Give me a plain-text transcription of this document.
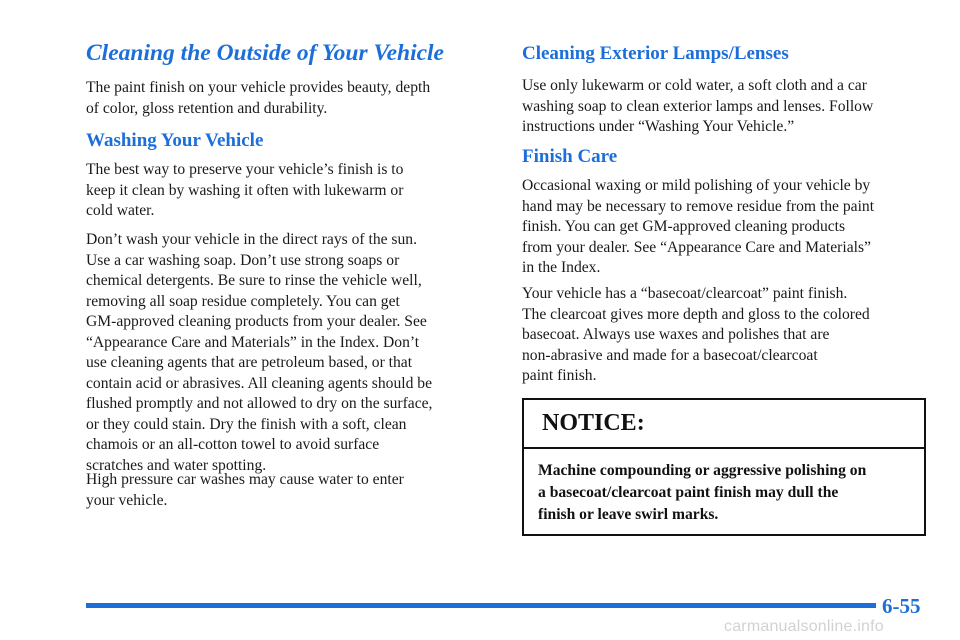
Cleaning the Outside of Your Vehicle

The paint finish on your vehicle provides beauty, depth
of color, gloss retention and durability.

Washing Your Vehicle

The best way to preserve your vehicle’s finish is to
keep it clean by washing it often with lukewarm or
cold water.

Don’t wash your vehicle in the direct rays of the sun.
Use a car washing soap. Don’t use strong soaps or
chemical detergents. Be sure to rinse the vehicle well,
removing all soap residue completely. You can get
GM‑approved cleaning products from your dealer. See
“Appearance Care and Materials” in the Index. Don’t
use cleaning agents that are petroleum based, or that
contain acid or abrasives. All cleaning agents should be
flushed promptly and not allowed to dry on the surface,
or they could stain. Dry the finish with a soft, clean
chamois or an all‑cotton towel to avoid surface
scratches and water spotting.

High pressure car washes may cause water to enter
your vehicle.

Cleaning Exterior Lamps/Lenses

Use only lukewarm or cold water, a soft cloth and a car
washing soap to clean exterior lamps and lenses. Follow
instructions under “Washing Your Vehicle.”

Finish Care

Occasional waxing or mild polishing of your vehicle by
hand may be necessary to remove residue from the paint
finish. You can get GM‑approved cleaning products
from your dealer. See “Appearance Care and Materials”
in the Index.

Your vehicle has a “basecoat/clearcoat” paint finish.
The clearcoat gives more depth and gloss to the colored
basecoat. Always use waxes and polishes that are
non‑abrasive and made for a basecoat/clearcoat
paint finish.

NOTICE:

Machine compounding or aggressive polishing on
a basecoat/clearcoat paint finish may dull the
finish or leave swirl marks.

6-55
carmanualsonline.info
